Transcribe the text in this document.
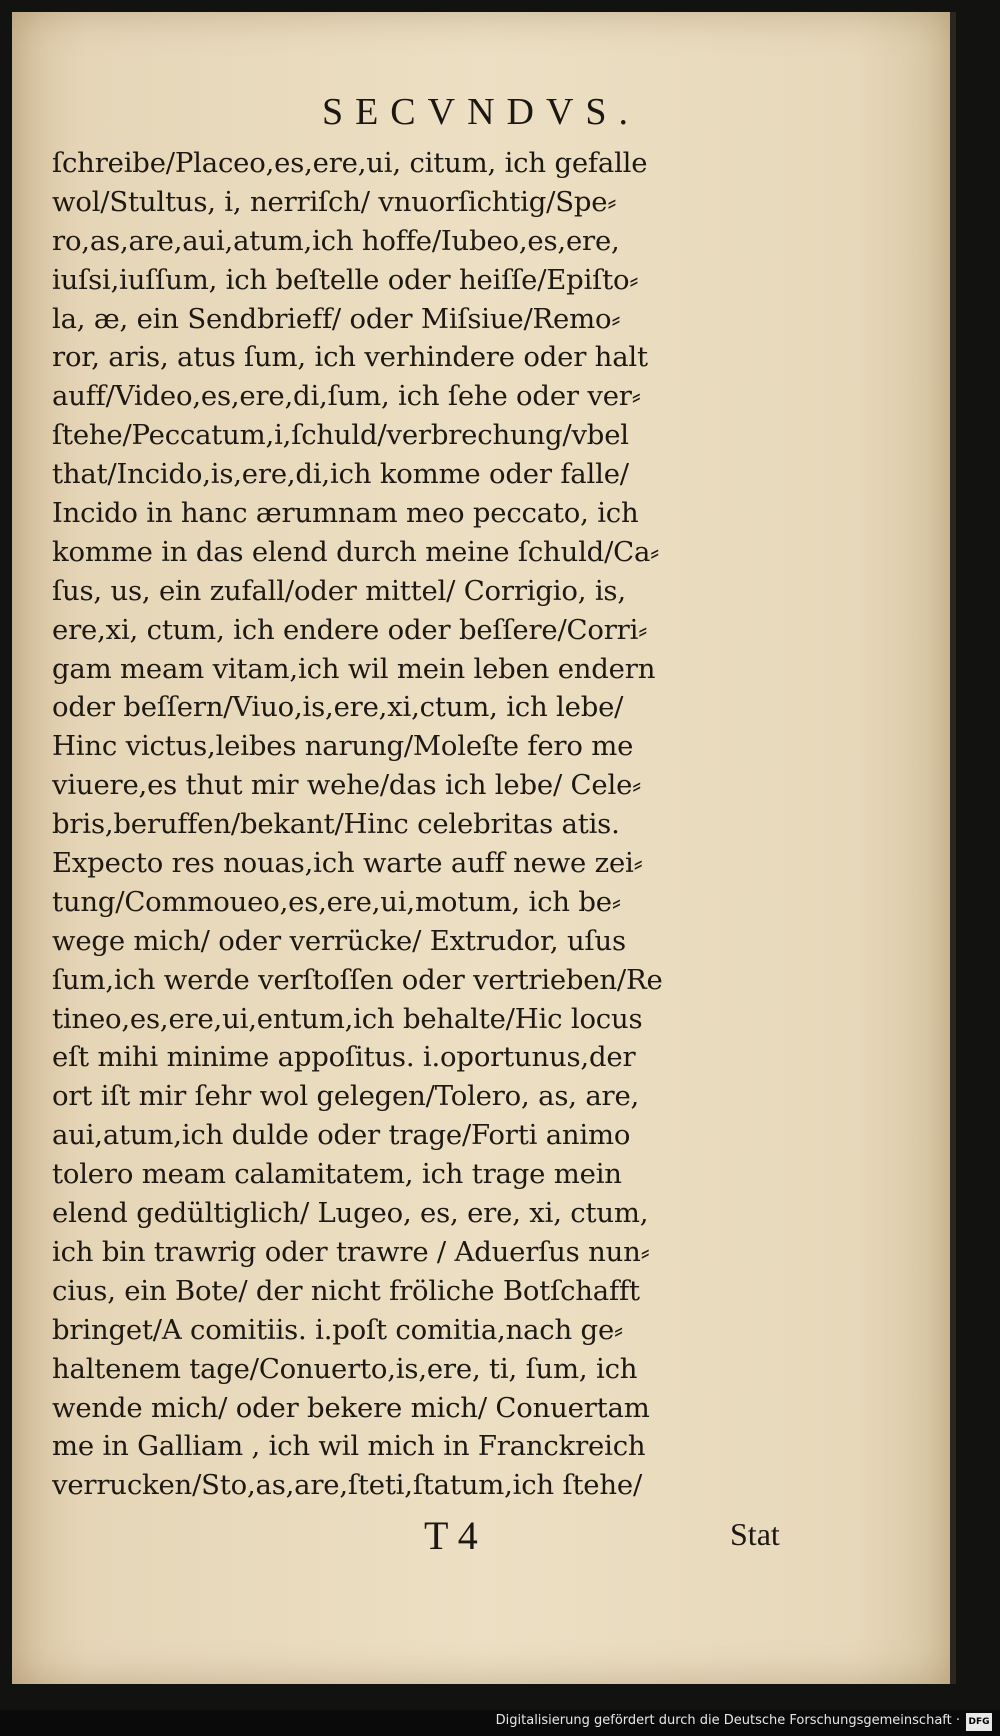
SECVNDVS.
ſchreibe/Placeo,es,ere,ui, citum, ich gefalle
wol/Stultus, i, nerriſch/ vnuorſichtig/Spe⸗
ro,as,are,aui,atum,ich hoffe/Iubeo,es,ere,
iuſsi,iuſſum, ich beſtelle oder heiſſe/Epiſto⸗
la, æ, ein Sendbrieff/ oder Miſsiue/Remo⸗
ror, aris, atus ſum, ich verhindere oder halt
auff/Video,es,ere,di,ſum, ich ſehe oder ver⸗
ſtehe/Peccatum,i,ſchuld/verbrechung/vbel
that/Incido,is,ere,di,ich komme oder falle/
Incido in hanc ærumnam meo peccato, ich
komme in das elend durch meine ſchuld/Ca⸗
ſus, us, ein zufall/oder mittel/ Corrigio, is,
ere,xi, ctum, ich endere oder beſſere/Corri⸗
gam meam vitam,ich wil mein leben endern
oder beſſern/Viuo,is,ere,xi,ctum, ich lebe/
Hinc victus,leibes narung/Moleſte fero me
viuere,es thut mir wehe/das ich lebe/ Cele⸗
bris,beruffen/bekant/Hinc celebritas atis.
Expecto res nouas,ich warte auff newe zei⸗
tung/Commoueo,es,ere,ui,motum, ich be⸗
wege mich/ oder verrücke/ Extrudor, uſus
ſum,ich werde verſtoſſen oder vertrieben/Re
tineo,es,ere,ui,entum,ich behalte/Hic locus
eſt mihi minime appoſitus. i.oportunus,der
ort iſt mir ſehr wol gelegen/Tolero, as, are,
aui,atum,ich dulde oder trage/Forti animo
tolero meam calamitatem, ich trage mein
elend gedültiglich/ Lugeo, es, ere, xi, ctum,
ich bin trawrig oder trawre / Aduerſus nun⸗
cius, ein Bote/ der nicht fröliche Botſchafft
bringet/A comitiis. i.poſt comitia,nach ge⸗
haltenem tage/Conuerto,is,ere, ti, ſum, ich
wende mich/ oder bekere mich/ Conuertam
me in Galliam , ich wil mich in Franckreich
verrucken/Sto,as,are,ſteti,ſtatum,ich ſtehe/
T 4	Stat
Digitalisierung gefördert durch die Deutsche Forschungsgemeinschaft · DFG
